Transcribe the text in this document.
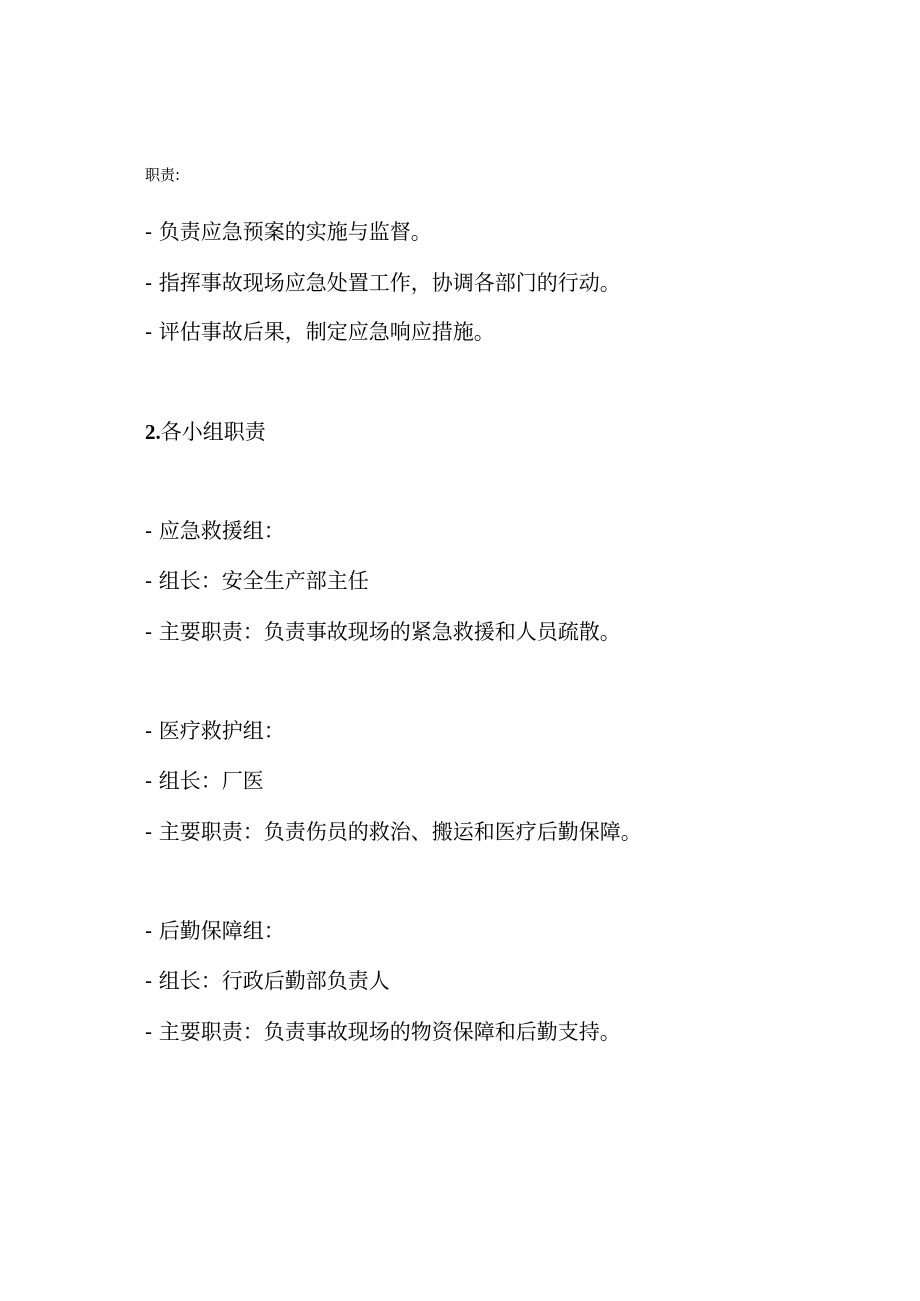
职责:
- 负责应急预案的实施与监督。
- 指挥事故现场应急处置工作，协调各部门的行动。
- 评估事故后果，制定应急响应措施。
2.各小组职责
- 应急救援组：
- 组长：安全生产部主任
- 主要职责：负责事故现场的紧急救援和人员疏散。
- 医疗救护组：
- 组长：厂医
- 主要职责：负责伤员的救治、搬运和医疗后勤保障。
- 后勤保障组：
- 组长：行政后勤部负责人
- 主要职责：负责事故现场的物资保障和后勤支持。
